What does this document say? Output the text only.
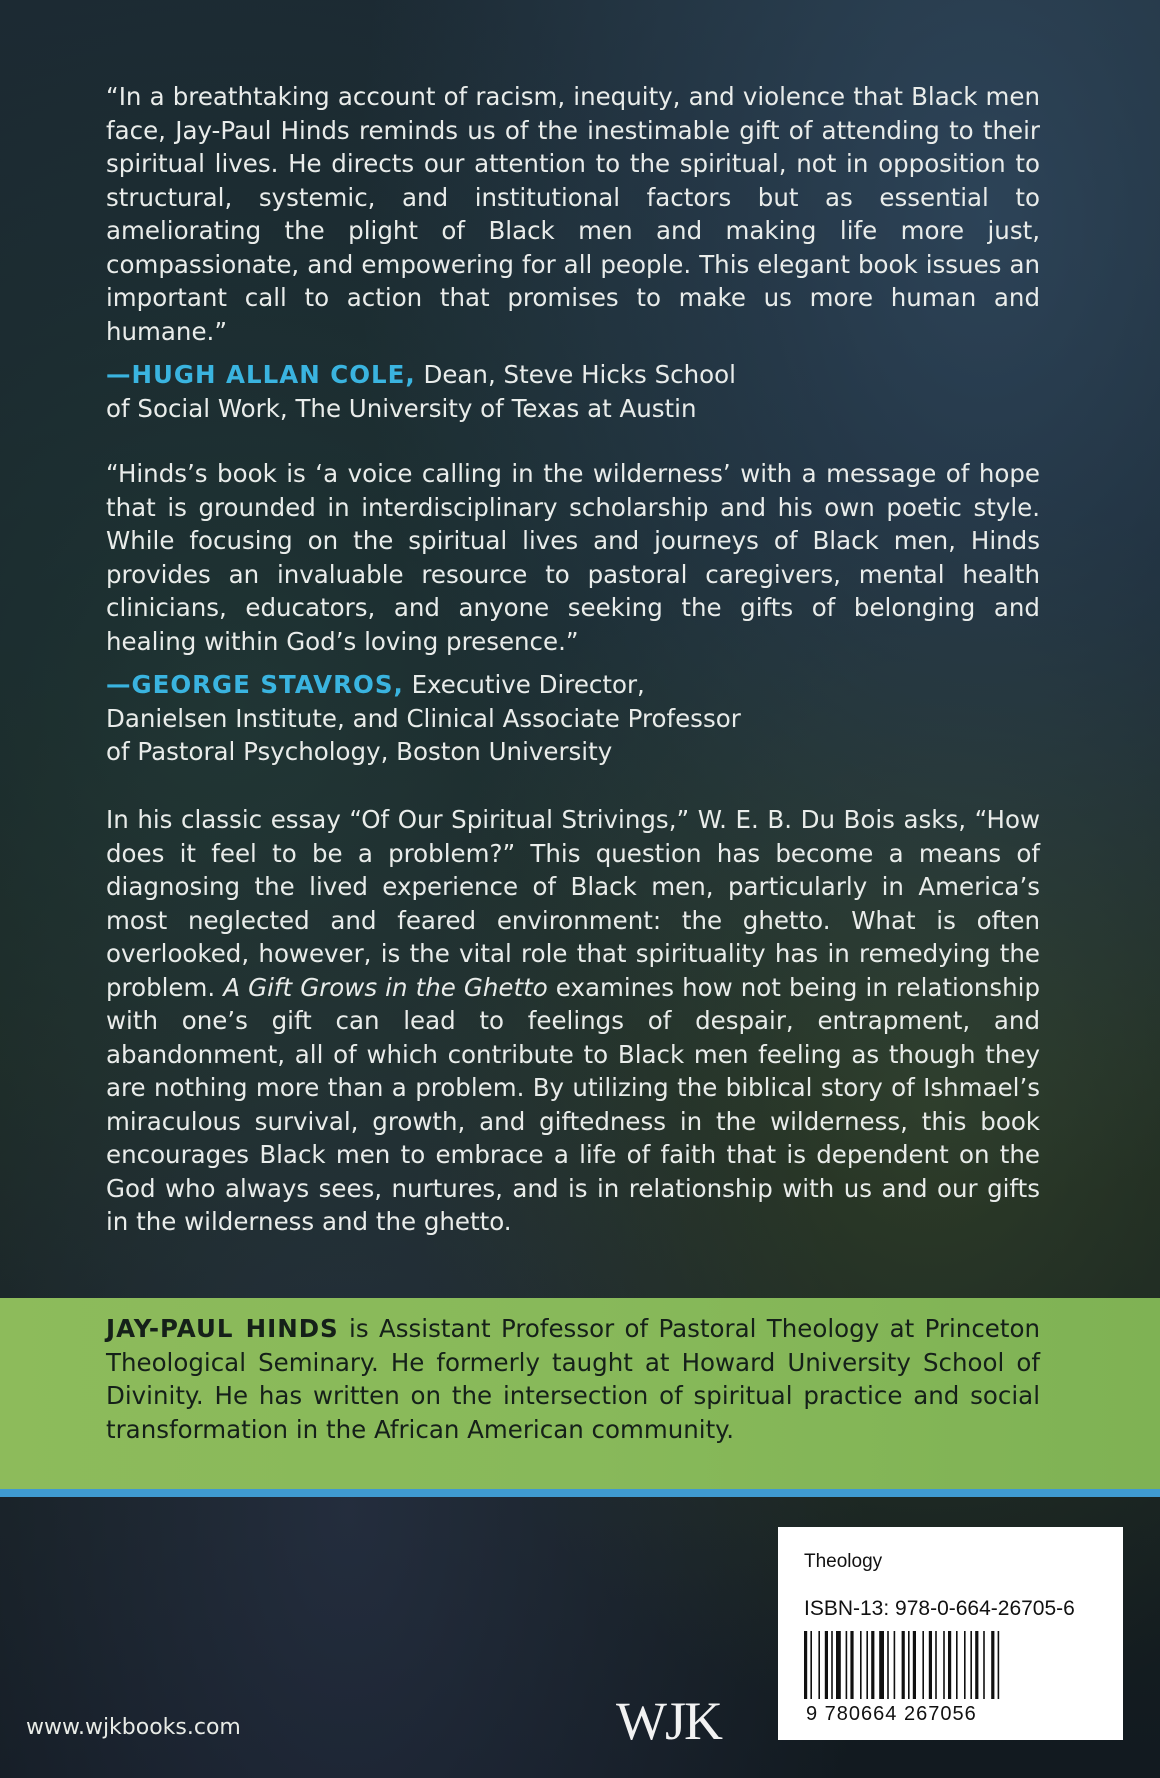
“In a breathtaking account of racism, inequity, and violence that Black men face, Jay-Paul Hinds reminds us of the inestimable gift of attending to their spiritual lives. He directs our attention to the spiritual, not in opposition to structural, systemic, and institutional factors but as essential to ameliorating the plight of Black men and making life more just, compassionate, and empowering for all people. This elegant book issues an important call to action that promises to make us more human and humane.”

—HUGH ALLAN COLE, Dean, Steve Hicks School
of Social Work, The University of Texas at Austin

“Hinds’s book is ‘a voice calling in the wilderness’ with a message of hope that is grounded in interdisciplinary scholarship and his own poetic style. While focusing on the spiritual lives and journeys of Black men, Hinds provides an invaluable resource to pastoral caregivers, mental health clinicians, educators, and anyone seeking the gifts of belonging and healing within God’s loving presence.”

—GEORGE STAVROS, Executive Director,
Danielsen Institute, and Clinical Associate Professor
of Pastoral Psychology, Boston University

In his classic essay “Of Our Spiritual Strivings,” W. E. B. Du Bois asks, “How does it feel to be a problem?” This question has become a means of diagnosing the lived experience of Black men, particularly in America’s most neglected and feared environment: the ghetto. What is often overlooked, however, is the vital role that spirituality has in remedying the problem. A Gift Grows in the Ghetto examines how not being in relationship with one’s gift can lead to feelings of despair, entrapment, and abandonment, all of which contribute to Black men feeling as though they are nothing more than a problem. By utilizing the biblical story of Ishmael’s miraculous survival, growth, and giftedness in the wilderness, this book encourages Black men to embrace a life of faith that is dependent on the God who always sees, nurtures, and is in relationship with us and our gifts in the wilderness and the ghetto.

JAY-PAUL HINDS is Assistant Professor of Pastoral Theology at Princeton Theological Seminary. He formerly taught at Howard University School of Divinity. He has written on the intersection of spiritual practice and social transformation in the African American community.

www.wjkbooks.com	WJK
Theology
ISBN-13: 978-0-664-26705-6
9 780664 267056
